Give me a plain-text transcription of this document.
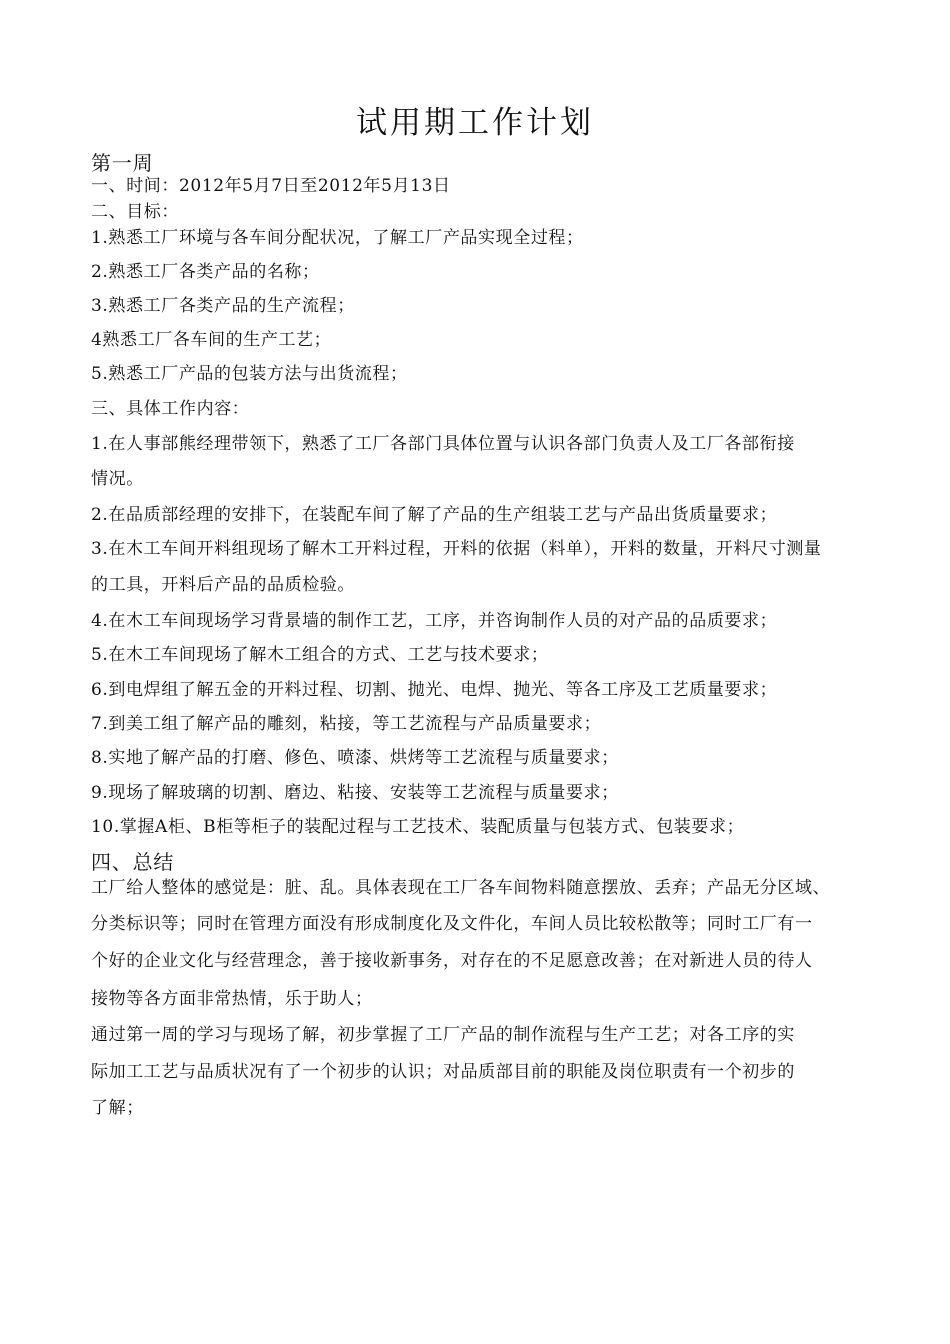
试用期工作计划
第一周
一、时间：2012年5月7日至2012年5月13日
二、目标：
1.熟悉工厂环境与各车间分配状况，了解工厂产品实现全过程；
2.熟悉工厂各类产品的名称；
3.熟悉工厂各类产品的生产流程；
4熟悉工厂各车间的生产工艺；
5.熟悉工厂产品的包装方法与出货流程；
三、具体工作内容：
1.在人事部熊经理带领下，熟悉了工厂各部门具体位置与认识各部门负责人及工厂各部衔接
情况。
2.在品质部经理的安排下，在装配车间了解了产品的生产组装工艺与产品出货质量要求；
3.在木工车间开料组现场了解木工开料过程，开料的依据（料单），开料的数量，开料尺寸测量
的工具，开料后产品的品质检验。
4.在木工车间现场学习背景墙的制作工艺，工序，并咨询制作人员的对产品的品质要求；
5.在木工车间现场了解木工组合的方式、工艺与技术要求；
6.到电焊组了解五金的开料过程、切割、抛光、电焊、抛光、等各工序及工艺质量要求；
7.到美工组了解产品的雕刻，粘接，等工艺流程与产品质量要求；
8.实地了解产品的打磨、修色、喷漆、烘烤等工艺流程与质量要求；
9.现场了解玻璃的切割、磨边、粘接、安装等工艺流程与质量要求；
10.掌握A柜、B柜等柜子的装配过程与工艺技术、装配质量与包装方式、包装要求；
四、总结
工厂给人整体的感觉是：脏、乱。具体表现在工厂各车间物料随意摆放、丢弃；产品无分区域、
分类标识等；同时在管理方面没有形成制度化及文件化，车间人员比较松散等；同时工厂有一
个好的企业文化与经营理念，善于接收新事务，对存在的不足愿意改善；在对新进人员的待人
接物等各方面非常热情，乐于助人；
通过第一周的学习与现场了解，初步掌握了工厂产品的制作流程与生产工艺；对各工序的实
际加工工艺与品质状况有了一个初步的认识；对品质部目前的职能及岗位职责有一个初步的
了解；
